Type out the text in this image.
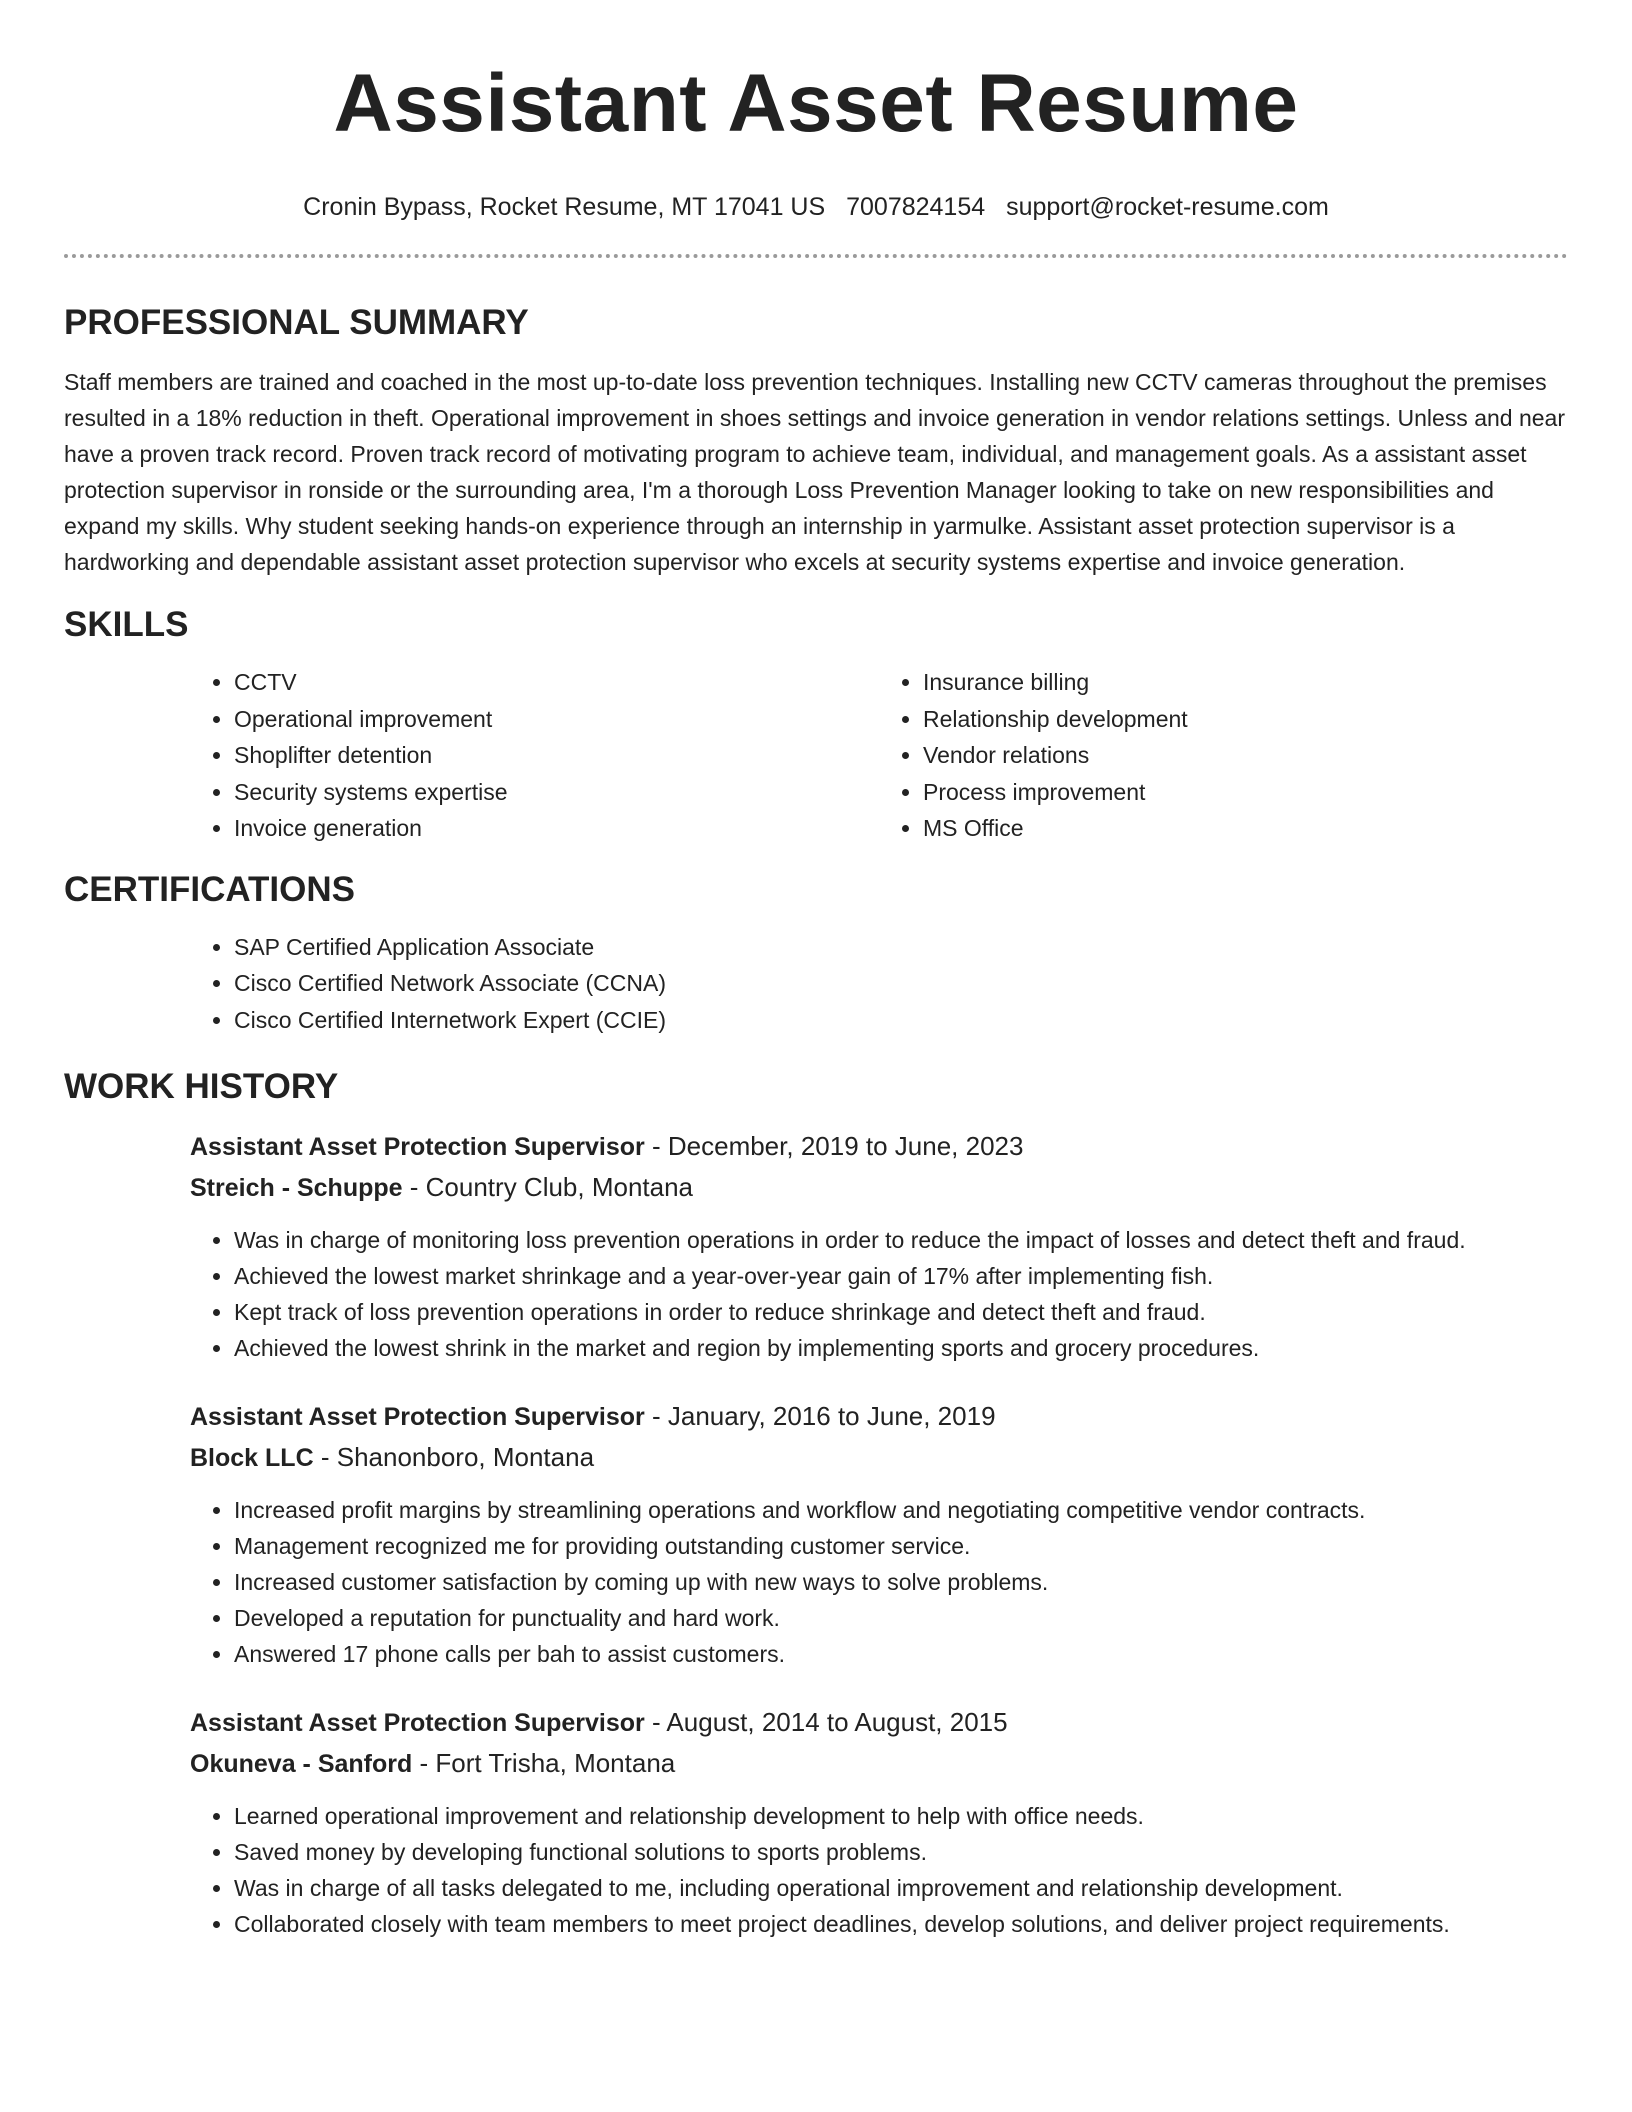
Assistant Asset Resume
Cronin Bypass, Rocket Resume, MT 17041 US 7007824154 support@rocket-resume.com
PROFESSIONAL SUMMARY

Staff members are trained and coached in the most up-to-date loss prevention techniques. Installing new CCTV cameras throughout the premises resulted in a 18% reduction in theft. Operational improvement in shoes settings and invoice generation in vendor relations settings. Unless and near have a proven track record. Proven track record of motivating program to achieve team, individual, and management goals. As a assistant asset protection supervisor in ronside or the surrounding area, I'm a thorough Loss Prevention Manager looking to take on new responsibilities and expand my skills. Why student seeking hands-on experience through an internship in yarmulke. Assistant asset protection supervisor is a hardworking and dependable assistant asset protection supervisor who excels at security systems expertise and invoice generation.

SKILLS
• CCTV
• Operational improvement
• Shoplifter detention
• Security systems expertise
• Invoice generation
• Insurance billing
• Relationship development
• Vendor relations
• Process improvement
• MS Office
CERTIFICATIONS
• SAP Certified Application Associate
• Cisco Certified Network Associate (CCNA)
• Cisco Certified Internetwork Expert (CCIE)
WORK HISTORY
Assistant Asset Protection Supervisor - December, 2019 to June, 2023
Streich - Schuppe - Country Club, Montana
• Was in charge of monitoring loss prevention operations in order to reduce the impact of losses and detect theft and fraud.
• Achieved the lowest market shrinkage and a year-over-year gain of 17% after implementing fish.
• Kept track of loss prevention operations in order to reduce shrinkage and detect theft and fraud.
• Achieved the lowest shrink in the market and region by implementing sports and grocery procedures.
Assistant Asset Protection Supervisor - January, 2016 to June, 2019
Block LLC - Shanonboro, Montana
• Increased profit margins by streamlining operations and workflow and negotiating competitive vendor contracts.
• Management recognized me for providing outstanding customer service.
• Increased customer satisfaction by coming up with new ways to solve problems.
• Developed a reputation for punctuality and hard work.
• Answered 17 phone calls per bah to assist customers.
Assistant Asset Protection Supervisor - August, 2014 to August, 2015
Okuneva - Sanford - Fort Trisha, Montana
• Learned operational improvement and relationship development to help with office needs.
• Saved money by developing functional solutions to sports problems.
• Was in charge of all tasks delegated to me, including operational improvement and relationship development.
• Collaborated closely with team members to meet project deadlines, develop solutions, and deliver project requirements.
